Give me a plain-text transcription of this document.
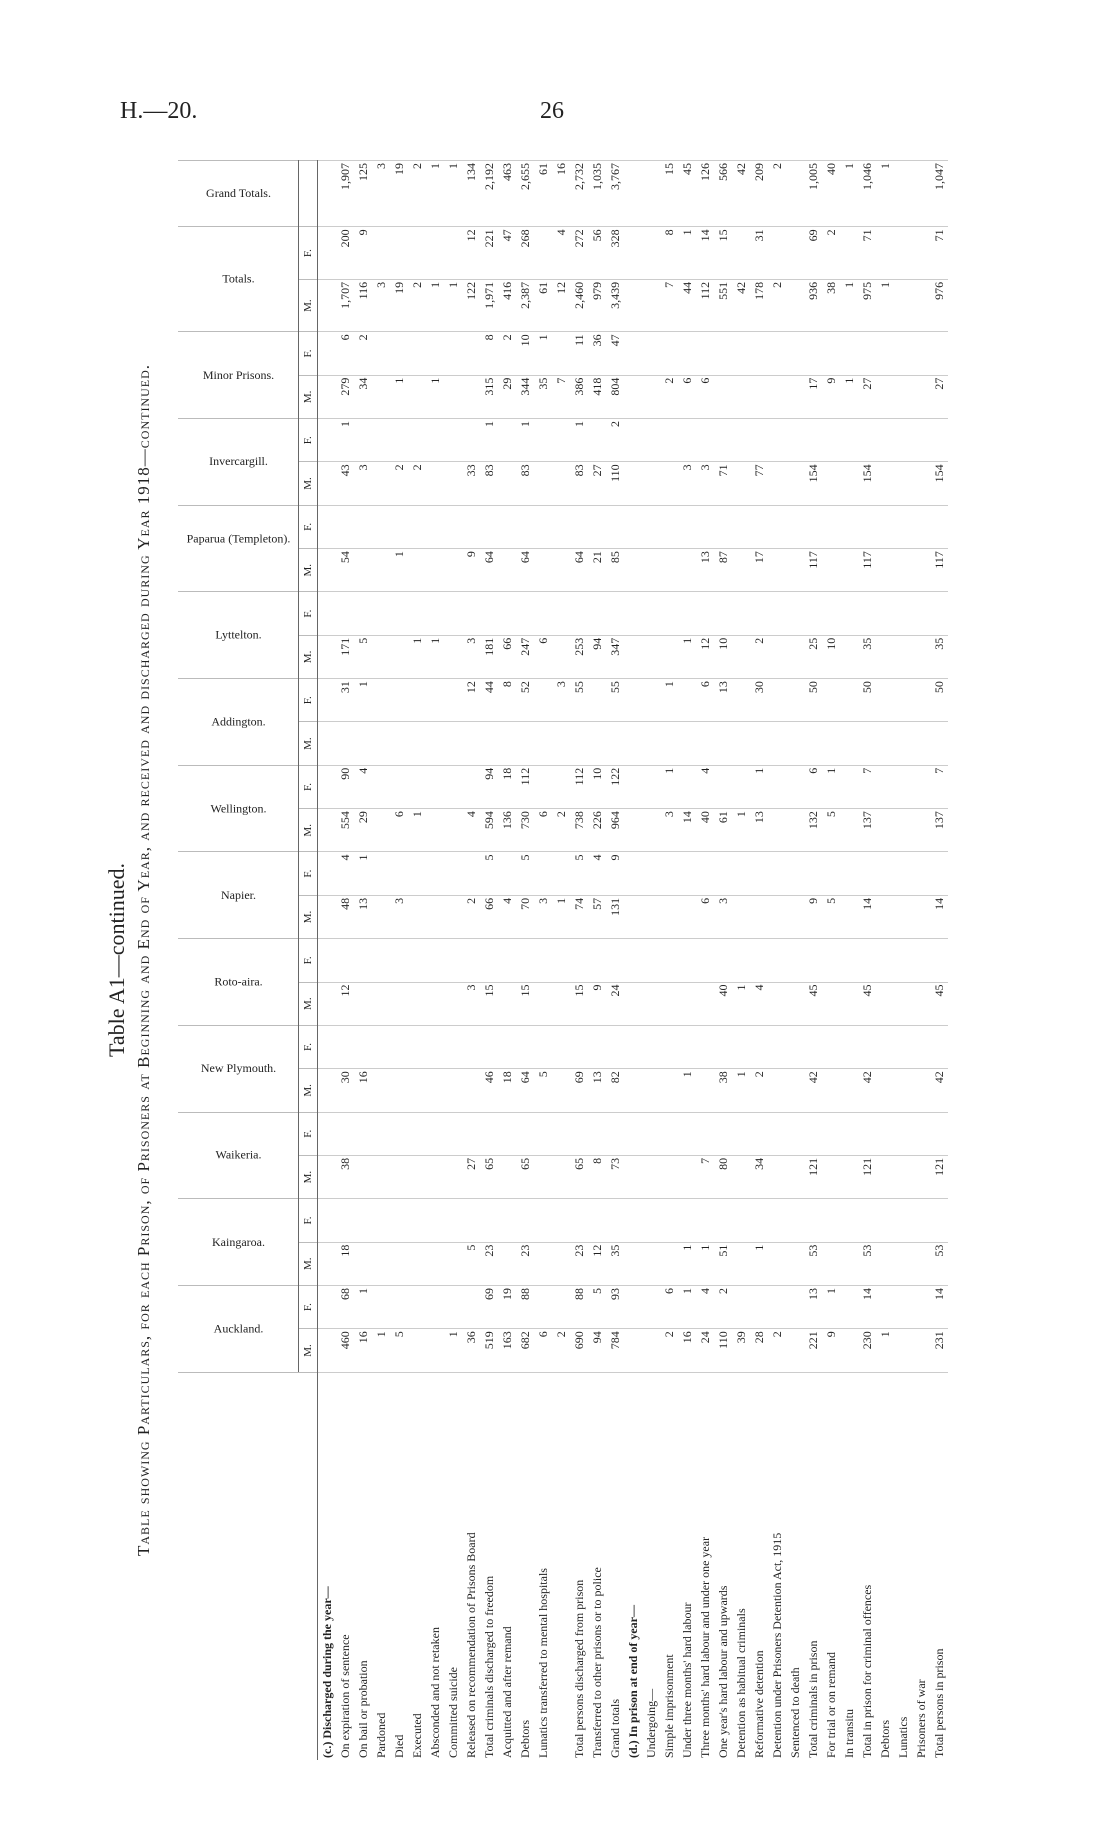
H.—20.	26
Table A1—continued. Table showing Particulars, for each Prison, of Prisoners at Beginning and End of Year, and received and discharged during Year 1918—continued.
		Auckland.		Kaingaroa.		Waikeria.		New Plymouth.		Roto-aira.		Napier.		Wellington.		Addington.		Lyttelton.		Paparua (Templeton).		Invercargill.		Minor Prisons.		Totals.		Grand Totals.
	M.	F.	M.	F.	M.	F.	M.	F.	M.	F.	M.	F.	M.	F.	M.	F.	M.	F.	M.	F.	M.	F.	M.	F.	M.	F.	
(c.) Discharged during the year—																											
On expiration of sentence	460	68	18		38		30		12		48	4	554	90		31	171		54		43	1	279	6	1,707	200	1,907
On bail or probation	16	1					16				13	1	29	4		1	5				3		34	2	116	9	125
Pardoned	1																								3		3
Died	5										3		6						1		2		1		19		19
Executed													1				1				2				2		2
Absconded and not retaken																	1						1		1		1
Committed suicide	1																								1		1
Released on recommendation of Prisons Board	36		5		27				3		2		4			12	3		9		33				122	12	134
Total criminals discharged to freedom	519	69	23		65		46		15		66	5	594	94		44	181		64		83	1	315	8	1,971	221	2,192
Acquitted and after remand	163	19					18				4		136	18		8	66						29	2	416	47	463
Debtors	682	88	23		65		64		15		70	5	730	112		52	247		64		83	1	344	10	2,387	268	2,655
Lunatics transferred to mental hospitals	6						5				3		6				6						35	1	61		61
	2										1		2			3							7		12	4	16
Total persons discharged from prison	690	88	23		65		69		15		74	5	738	112		55	253		64		83	1	386	11	2,460	272	2,732
Transferred to other prisons or to police	94	5	12		8		13		9		57	4	226	10			94		21		27		418	36	979	56	1,035
Grand totals	784	93	35		73		82		24		131	9	964	122		55	347		85		110	2	804	47	3,439	328	3,767
(d.) In prison at end of year—																											
Undergoing—																											
Simple imprisonment	2	6											3	1		1							2		7	8	15
Under three months' hard labour	16	1	1				1						14				1				3		6		44	1	45
Three months' hard labour and under one year	24	4	1		7						6		40	4		6	12		13		3		6		112	14	126
One year's hard labour and upwards	110	2	51		80		38		40		3		61			13	10		87		71				551	15	566
Detention as habitual criminals	39						1		1				1												42		42
Reformative detention	28		1		34		2		4				13	1		30	2		17		77				178	31	209
Detention under Prisoners Detention Act, 1915	2																								2		2
Sentenced to death																											
Total criminals in prison	221	13	53		121		42		45		9		132	6		50	25		117		154		17		936	69	1,005
For trial or on remand	9	1									5		5	1			10						9		38	2	40
In transitu																							1		1		1
Total in prison for criminal offences	230	14	53		121		42		45		14		137	7		50	35		117		154		27		975	71	1,046
Debtors	1																								1		1
Lunatics																											
Prisoners of war																											
Total persons in prison	231	14	53		121		42		45		14		137	7		50	35		117		154		27		976	71	1,047
